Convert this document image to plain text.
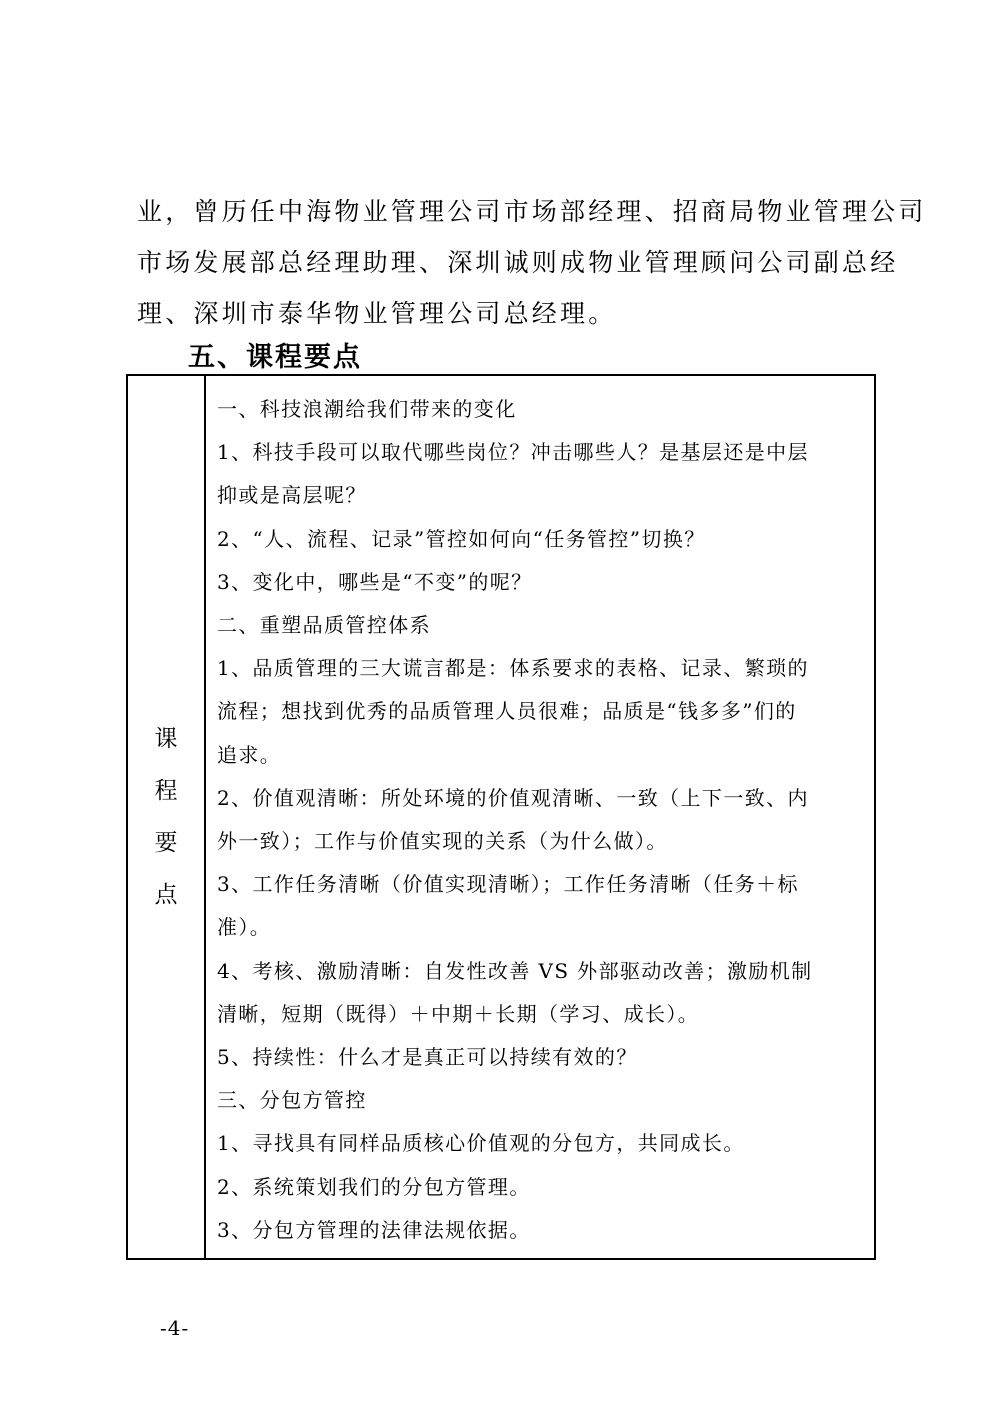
业，曾历任中海物业管理公司市场部经理、招商局物业管理公司
市场发展部总经理助理、深圳诚则成物业管理顾问公司副总经
理、深圳市泰华物业管理公司总经理。
五、课程要点
课
程
要
点
一、科技浪潮给我们带来的变化
1、科技手段可以取代哪些岗位？冲击哪些人？是基层还是中层
抑或是高层呢？
2、“人、流程、记录”管控如何向“任务管控”切换？
3、变化中，哪些是“不变”的呢？
二、重塑品质管控体系
1、品质管理的三大谎言都是：体系要求的表格、记录、繁琐的
流程；想找到优秀的品质管理人员很难；品质是“钱多多”们的
追求。
2、价值观清晰：所处环境的价值观清晰、一致（上下一致、内
外一致）；工作与价值实现的关系（为什么做）。
3、工作任务清晰（价值实现清晰）；工作任务清晰（任务＋标
准）。
4、考核、激励清晰：自发性改善 VS 外部驱动改善；激励机制
清晰，短期（既得）＋中期＋长期（学习、成长）。
5、持续性：什么才是真正可以持续有效的？
三、分包方管控
1、寻找具有同样品质核心价值观的分包方，共同成长。
2、系统策划我们的分包方管理。
3、分包方管理的法律法规依据。
-4-
